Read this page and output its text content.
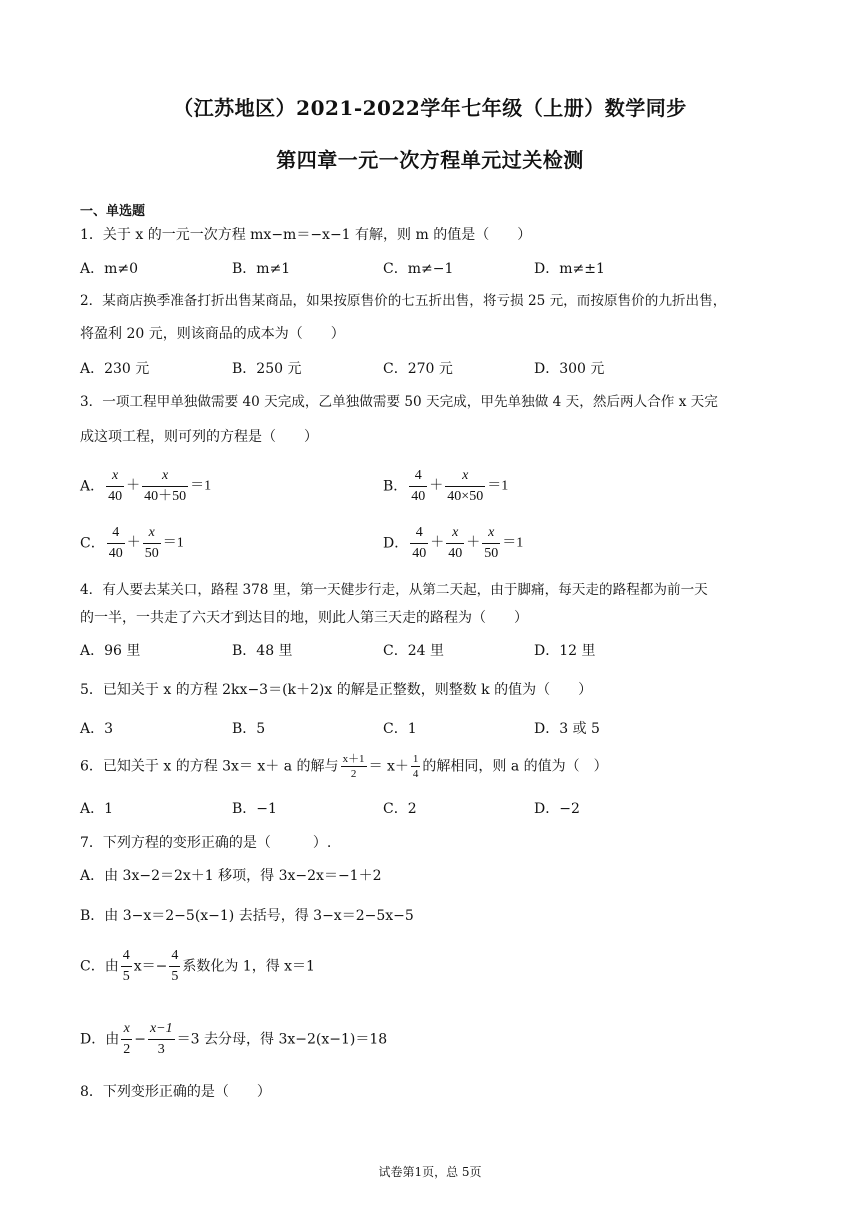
（江苏地区）2021-2022学年七年级（上册）数学同步
第四章一元一次方程单元过关检测
一、单选题
1．关于 x 的一元一次方程 mx−m＝−x−1 有解，则 m 的值是（　　）
A．m≠0	B．m≠1	C．m≠−1	D．m≠±1
2．某商店换季准备打折出售某商品，如果按原售价的七五折出售，将亏损 25 元，而按原售价的九折出售，
将盈利 20 元，则该商品的成本为（　　）
A．230 元	B．250 元	C．270 元	D．300 元
3．一项工程甲单独做需要 40 天完成，乙单独做需要 50 天完成，甲先单独做 4 天，然后两人合作 x 天完
成这项工程，则可列的方程是（　　）
A． $\frac{x}{40} + \frac{x}{40+50} =1$	B． $\frac{4}{40} + \frac{x}{40\times 50} =1$
C． $\frac{4}{40} + \frac{x}{50} =1$	D． $\frac{4}{40} + \frac{x}{40} + \frac{x}{50} =1$
4．有人要去某关口，路程 378 里，第一天健步行走，从第二天起，由于脚痛，每天走的路程都为前一天
的一半，一共走了六天才到达目的地，则此人第三天走的路程为（　　）
A．96 里	B．48 里	C．24 里	D．12 里
5．已知关于 x 的方程 2kx−3＝(k＋2)x 的解是正整数，则整数 k 的值为（　　）
A．3	B．5	C．1	D．3 或 5
6．已知关于 x 的方程 3x＝ x＋ a 的解与 $\frac{x+1}{2} = x+ \frac{1}{4}$ 的解相同，则 a 的值为（　）
A．1	B．−1	C．2	D．−2
7．下列方程的变形正确的是（　　　）.
A．由 3x−2＝2x＋1 移项，得 3x−2x＝−1＋2
B．由 3−x＝2−5(x−1) 去括号，得 3−x＝2−5x−5
C．由 $\frac{4}{5} x=- \frac{4}{5}$ 系数化为 1，得 x＝1
D．由 $\frac{x}{2} - \frac{x-1}{3} =3$ 去分母，得 3x−2(x−1)＝18
8．下列变形正确的是（　　）
试卷第1页，总 5页
